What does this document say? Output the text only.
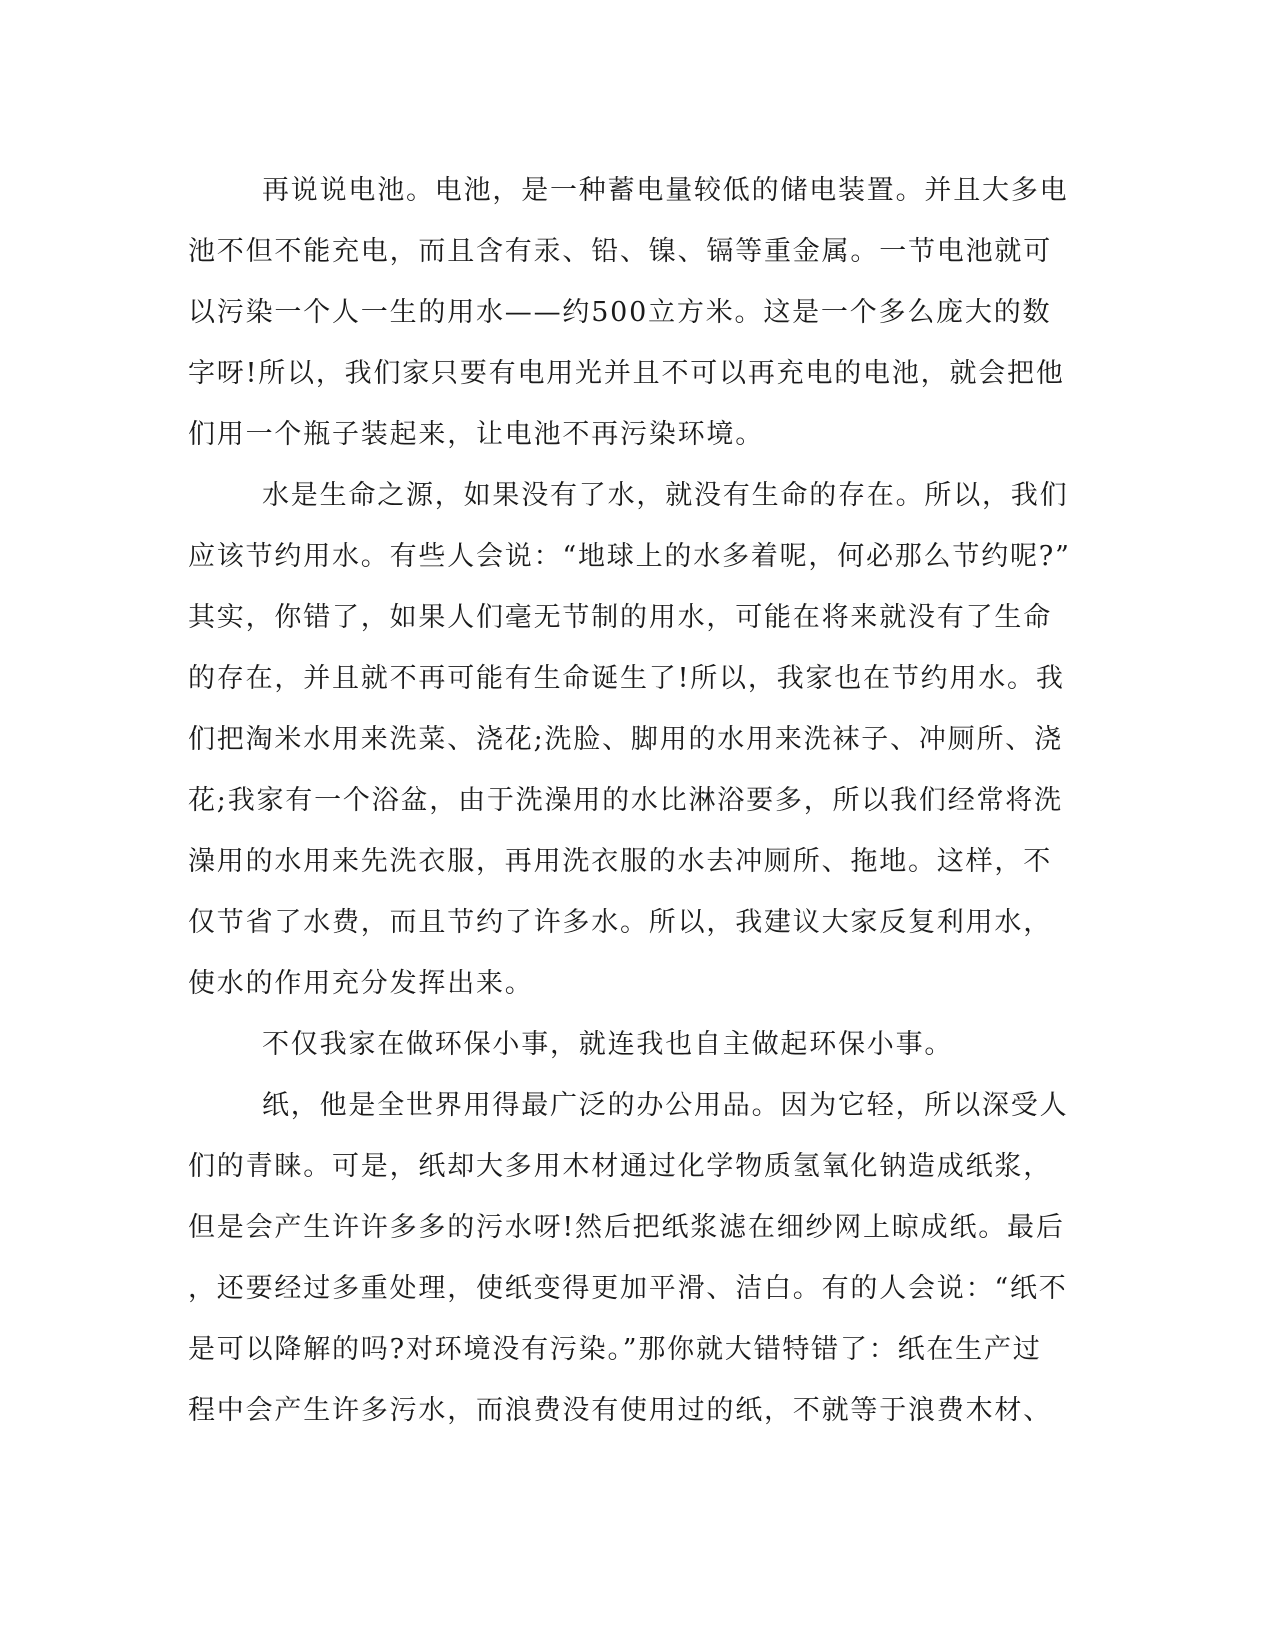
再说说电池。电池，是一种蓄电量较低的储电装置。并且大多电
池不但不能充电，而且含有汞、铅、镍、镉等重金属。一节电池就可
以污染一个人一生的用水——约500立方米。这是一个多么庞大的数
字呀!所以，我们家只要有电用光并且不可以再充电的电池，就会把他
们用一个瓶子装起来，让电池不再污染环境。
水是生命之源，如果没有了水，就没有生命的存在。所以，我们
应该节约用水。有些人会说：“地球上的水多着呢，何必那么节约呢?”
其实，你错了，如果人们毫无节制的用水，可能在将来就没有了生命
的存在，并且就不再可能有生命诞生了!所以，我家也在节约用水。我
们把淘米水用来洗菜、浇花;洗脸、脚用的水用来洗袜子、冲厕所、浇
花;我家有一个浴盆，由于洗澡用的水比淋浴要多，所以我们经常将洗
澡用的水用来先洗衣服，再用洗衣服的水去冲厕所、拖地。这样，不
仅节省了水费，而且节约了许多水。所以，我建议大家反复利用水，
使水的作用充分发挥出来。
不仅我家在做环保小事，就连我也自主做起环保小事。
纸，他是全世界用得最广泛的办公用品。因为它轻，所以深受人
们的青睐。可是，纸却大多用木材通过化学物质氢氧化钠造成纸浆，
但是会产生许许多多的污水呀!然后把纸浆滤在细纱网上晾成纸。最后
，还要经过多重处理，使纸变得更加平滑、洁白。有的人会说：“纸不
是可以降解的吗?对环境没有污染。”那你就大错特错了：纸在生产过
程中会产生许多污水，而浪费没有使用过的纸，不就等于浪费木材、
